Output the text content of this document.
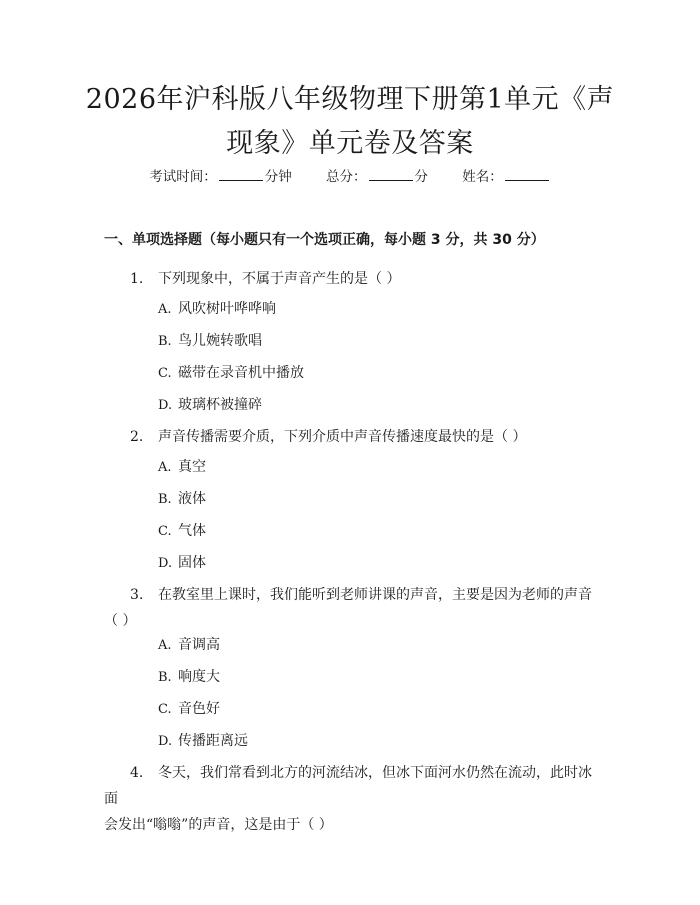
2026年沪科版八年级物理下册第1单元《声
现象》单元卷及答案
考试时间：	分钟	总分：	分	姓名：
一、单项选择题（每小题只有一个选项正确，每小题 3 分，共 30 分）
1. 下列现象中，不属于声音产生的是（ ）
A. 风吹树叶哗哗响
B. 鸟儿婉转歌唱
C. 磁带在录音机中播放
D. 玻璃杯被撞碎
2. 声音传播需要介质，下列介质中声音传播速度最快的是（ ）
A. 真空
B. 液体
C. 气体
D. 固体
3. 在教室里上课时，我们能听到老师讲课的声音，主要是因为老师的声音
（ ）
A. 音调高
B. 响度大
C. 音色好
D. 传播距离远
4. 冬天，我们常看到北方的河流结冰，但冰下面河水仍然在流动，此时冰面
会发出“嗡嗡”的声音，这是由于（ ）
